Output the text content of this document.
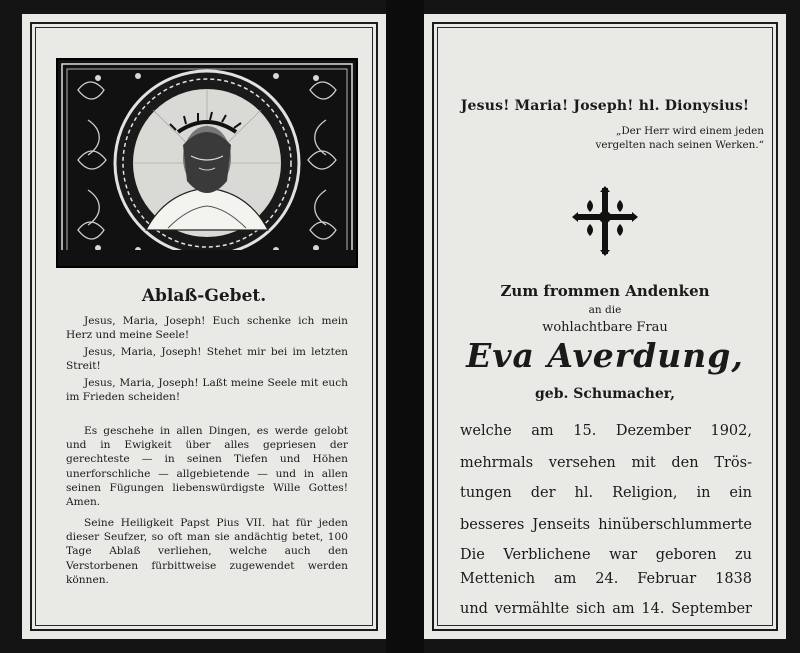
Ablaß-Gebet.
Jesus, Maria, Joseph! Euch schenke ich mein Herz und meine Seele!
Jesus, Maria, Joseph! Stehet mir bei im letzten Streit!
Jesus, Maria, Joseph! Laßt meine Seele mit euch im Frieden scheiden!
Es geschehe in allen Dingen, es werde gelobt und in Ewigkeit über alles gepriesen der gerechteste — in seinen Tiefen und Höhen unerforschliche — allgebietende — und in allen seinen Fügungen liebenswürdigste Wille Gottes! Amen.
Seine Heiligkeit Papst Pius VII. hat für jeden dieser Seufzer, so oft man sie andächtig betet, 100 Tage Ablaß verliehen, welche auch den Verstorbenen fürbittweise zugewendet werden können.
Jesus! Maria! Joseph! hl. Dionysius!
„Der Herr wird einem jeden vergelten nach seinen Werken.“
Zum frommen Andenken
an die
wohlachtbare Frau
Eva Averdung,
geb. Schumacher,
welche am 15. Dezember 1902,
mehrmals versehen mit den Trös-
tungen der hl. Religion, in ein
besseres Jenseits hinüberschlummerte
Die Verblichene war geboren zu
Mettenich am 24. Februar 1838
und vermählte sich am 14. September
